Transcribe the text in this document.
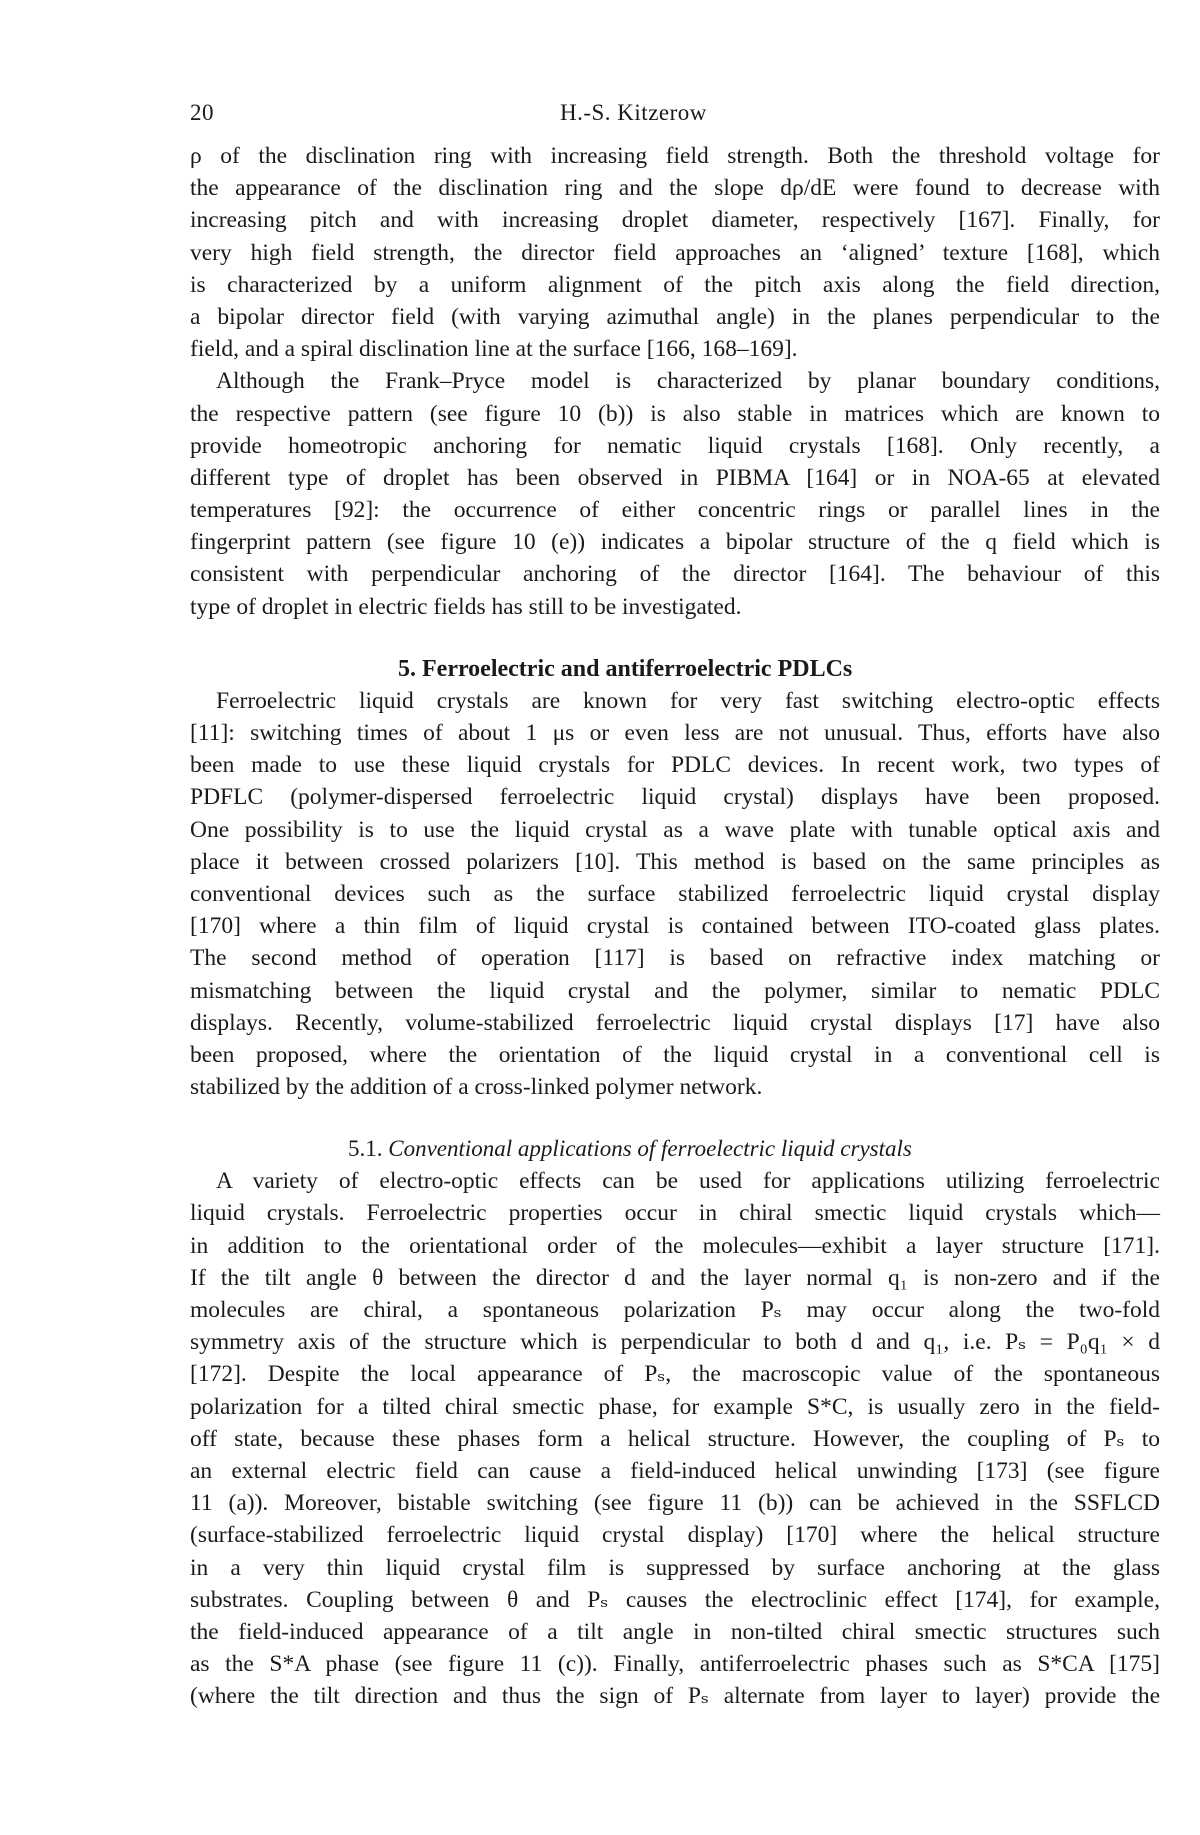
20	H.-S. Kitzerow
ρ of the disclination ring with increasing field strength. Both the threshold voltage for
the appearance of the disclination ring and the slope dρ/dE were found to decrease with
increasing pitch and with increasing droplet diameter, respectively [167]. Finally, for
very high field strength, the director field approaches an ‘aligned’ texture [168], which
is characterized by a uniform alignment of the pitch axis along the field direction,
a bipolar director field (with varying azimuthal angle) in the planes perpendicular to the
field, and a spiral disclination line at the surface [166, 168–169].
Although the Frank–Pryce model is characterized by planar boundary conditions,
the respective pattern (see figure 10 (b)) is also stable in matrices which are known to
provide homeotropic anchoring for nematic liquid crystals [168]. Only recently, a
different type of droplet has been observed in PIBMA [164] or in NOA-65 at elevated
temperatures [92]: the occurrence of either concentric rings or parallel lines in the
fingerprint pattern (see figure 10 (e)) indicates a bipolar structure of the q field which is
consistent with perpendicular anchoring of the director [164]. The behaviour of this
type of droplet in electric fields has still to be investigated.
5. Ferroelectric and antiferroelectric PDLCs
Ferroelectric liquid crystals are known for very fast switching electro-optic effects
[11]: switching times of about 1 μs or even less are not unusual. Thus, efforts have also
been made to use these liquid crystals for PDLC devices. In recent work, two types of
PDFLC (polymer-dispersed ferroelectric liquid crystal) displays have been proposed.
One possibility is to use the liquid crystal as a wave plate with tunable optical axis and
place it between crossed polarizers [10]. This method is based on the same principles as
conventional devices such as the surface stabilized ferroelectric liquid crystal display
[170] where a thin film of liquid crystal is contained between ITO-coated glass plates.
The second method of operation [117] is based on refractive index matching or
mismatching between the liquid crystal and the polymer, similar to nematic PDLC
displays. Recently, volume-stabilized ferroelectric liquid crystal displays [17] have also
been proposed, where the orientation of the liquid crystal in a conventional cell is
stabilized by the addition of a cross-linked polymer network.
5.1. Conventional applications of ferroelectric liquid crystals
A variety of electro-optic effects can be used for applications utilizing ferroelectric
liquid crystals. Ferroelectric properties occur in chiral smectic liquid crystals which—
in addition to the orientational order of the molecules—exhibit a layer structure [171].
If the tilt angle θ between the director d and the layer normal q₁ is non-zero and if the
molecules are chiral, a spontaneous polarization Pₛ may occur along the two-fold
symmetry axis of the structure which is perpendicular to both d and q₁, i.e. Pₛ = P₀q₁ × d
[172]. Despite the local appearance of Pₛ, the macroscopic value of the spontaneous
polarization for a tilted chiral smectic phase, for example S*C, is usually zero in the field-
off state, because these phases form a helical structure. However, the coupling of Pₛ to
an external electric field can cause a field-induced helical unwinding [173] (see figure
11 (a)). Moreover, bistable switching (see figure 11 (b)) can be achieved in the SSFLCD
(surface-stabilized ferroelectric liquid crystal display) [170] where the helical structure
in a very thin liquid crystal film is suppressed by surface anchoring at the glass
substrates. Coupling between θ and Pₛ causes the electroclinic effect [174], for example,
the field-induced appearance of a tilt angle in non-tilted chiral smectic structures such
as the S*A phase (see figure 11 (c)). Finally, antiferroelectric phases such as S*CA [175]
(where the tilt direction and thus the sign of Pₛ alternate from layer to layer) provide the
